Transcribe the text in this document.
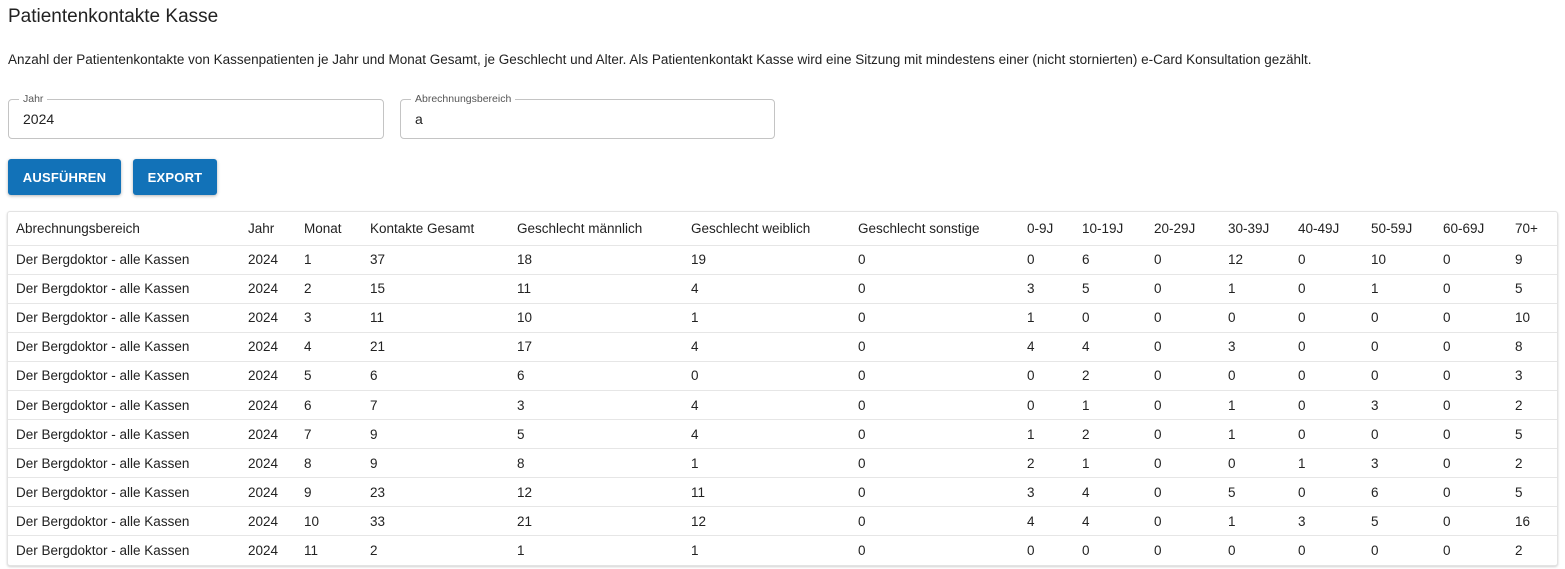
Patientenkontakte Kasse
Anzahl der Patientenkontakte von Kassenpatienten je Jahr und Monat Gesamt, je Geschlecht und Alter. Als Patientenkontakt Kasse wird eine Sitzung mit mindestens einer (nicht stornierten) e-Card Konsultation gezählt.
Jahr
2024
Abrechnungsbereich
a
AUSFÜHREN	EXPORT
Abrechnungsbereich	Jahr	Monat	Kontakte Gesamt	Geschlecht männlich	Geschlecht weiblich	Geschlecht sonstige	0-9J	10-19J	20-29J	30-39J	40-49J	50-59J	60-69J	70+
Der Bergdoktor - alle Kassen	2024	1	37	18	19	0	0	6	0	12	0	10	0	9
Der Bergdoktor - alle Kassen	2024	2	15	11	4	0	3	5	0	1	0	1	0	5
Der Bergdoktor - alle Kassen	2024	3	11	10	1	0	1	0	0	0	0	0	0	10
Der Bergdoktor - alle Kassen	2024	4	21	17	4	0	4	4	0	3	0	0	0	8
Der Bergdoktor - alle Kassen	2024	5	6	6	0	0	0	2	0	0	0	0	0	3
Der Bergdoktor - alle Kassen	2024	6	7	3	4	0	0	1	0	1	0	3	0	2
Der Bergdoktor - alle Kassen	2024	7	9	5	4	0	1	2	0	1	0	0	0	5
Der Bergdoktor - alle Kassen	2024	8	9	8	1	0	2	1	0	0	1	3	0	2
Der Bergdoktor - alle Kassen	2024	9	23	12	11	0	3	4	0	5	0	6	0	5
Der Bergdoktor - alle Kassen	2024	10	33	21	12	0	4	4	0	1	3	5	0	16
Der Bergdoktor - alle Kassen	2024	11	2	1	1	0	0	0	0	0	0	0	0	2
